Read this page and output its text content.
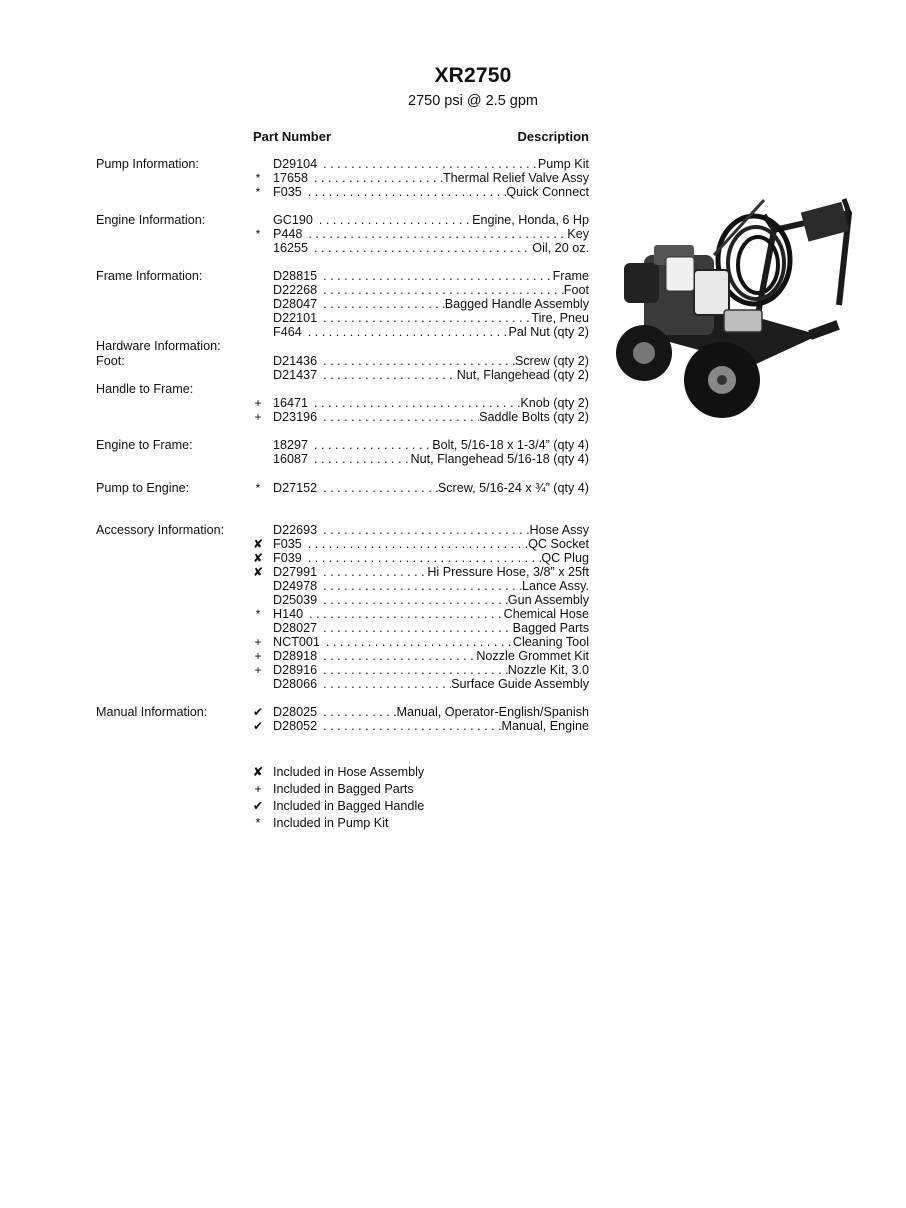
XR2750
2750 psi @ 2.5 gpm
Part Number	Description
Pump Information:	D29104 . . .	Pump Kit
*	17658 . . .	Thermal Relief Valve Assy
*	F035 . . .	Quick Connect
Engine Information:	GC190 . . .	Engine, Honda, 6 Hp
*	P448 . . .	Key
16255 . . .	Oil, 20 oz.
Frame Information:	D28815 . . .	Frame
D22268 . . .	Foot
D28047 . . .	Bagged Handle Assembly
D22101 . . .	Tire, Pneu
F464 . . .	Pal Nut (qty 2)
Hardware Information:
Foot:	D21436 . . .	Screw (qty 2)
D21437 . . .	Nut, Flangehead (qty 2)
Handle to Frame:
+ 16471 . . .	Knob (qty 2)
+ D23196 . . .	Saddle Bolts (qty 2)
Engine to Frame:	18297 . . .	Bolt, 5/16-18 x 1-3/4” (qty 4)
16087 . . .	Nut, Flangehead 5/16-18 (qty 4)
Pump to Engine:	*	D27152 . . .	Screw, 5/16-24 x ¾” (qty 4)
Accessory Information:	D22693 . . .	Hose Assy
✘ F035 . . .	QC Socket
✘ F039 . . .	QC Plug
✘ D27991 . . .	Hi Pressure Hose, 3/8” x 25ft
D24978 . . .	Lance Assy.
D25039 . . .	Gun Assembly
*	H140 . . .	Chemical Hose
D28027 . . .	Bagged Parts
+ NCT001 . . .	Cleaning Tool
+ D28918 . . .	Nozzle Grommet Kit
+ D28916 . . .	Nozzle Kit, 3.0
D28066 . . .	Surface Guide Assembly
Manual Information:	✔ D28025 . . .	Manual, Operator-English/Spanish
✔ D28052 . . .	Manual, Engine
✘ Included in Hose Assembly
+ Included in Bagged Parts
✔ Included in Bagged Handle
* Included in Pump Kit
